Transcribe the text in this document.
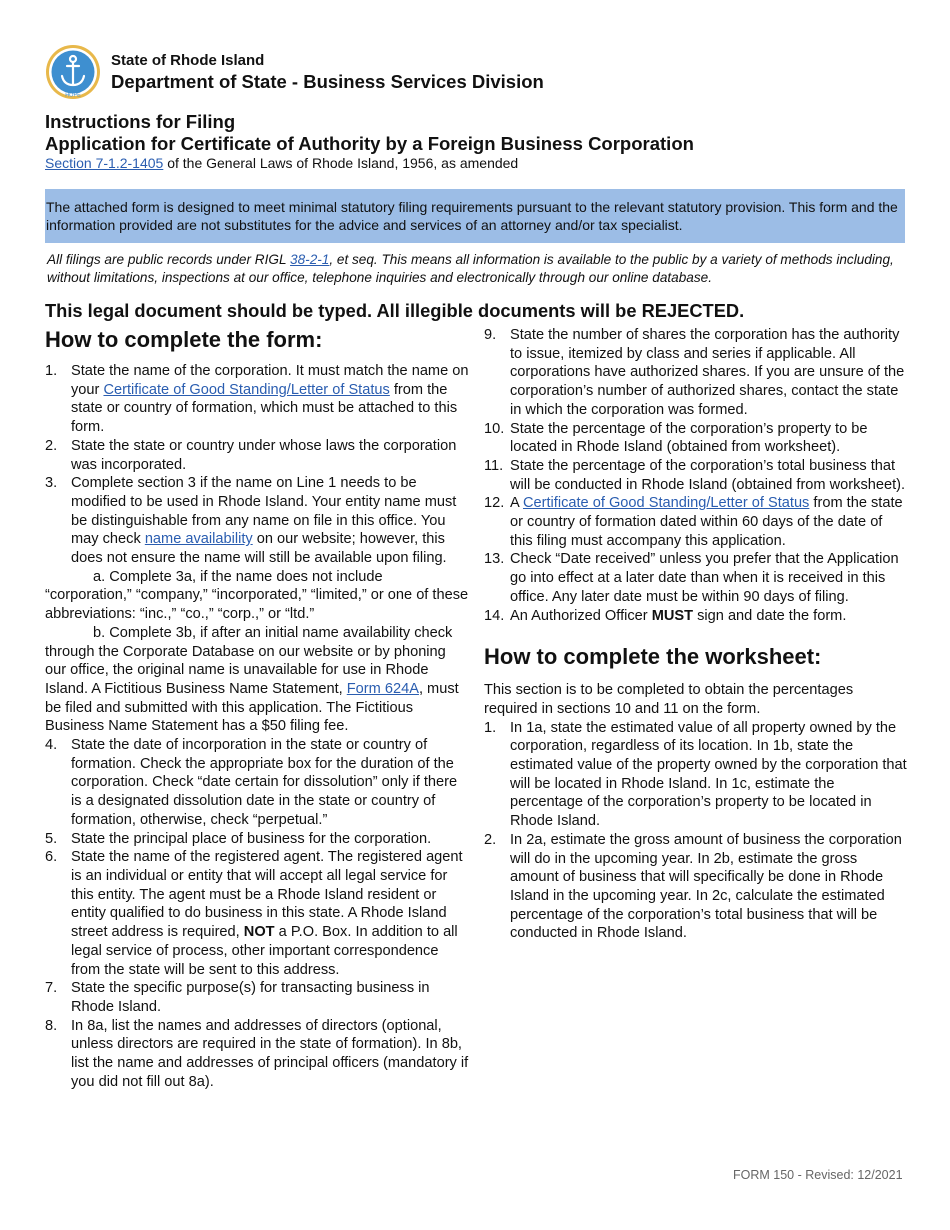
HOPE
State of Rhode Island
Department of State - Business Services Division
Instructions for Filing
Application for Certificate of Authority by a Foreign Business Corporation
Section 7-1.2-1405 of the General Laws of Rhode Island, 1956, as amended
The attached form is designed to meet minimal statutory filing requirements pursuant to the relevant statutory provision. This form and the information provided are not substitutes for the advice and services of an attorney and/or tax specialist.
All filings are public records under RIGL 38-2-1, et seq. This means all information is available to the public by a variety of methods including, without limitations, inspections at our office, telephone inquiries and electronically through our online database.
This legal document should be typed. All illegible documents will be REJECTED.
How to complete the form:
1. State the name of the corporation. It must match the name on your Certificate of Good Standing/Letter of Status from the state or country of formation, which must be attached to this form.
2. State the state or country under whose laws the corporation was incorporated.
3. Complete section 3 if the name on Line 1 needs to be modified to be used in Rhode Island. Your entity name must be distinguishable from any name on file in this office. You may check name availability on our website; however, this does not ensure the name will still be available upon filing.
a. Complete 3a, if the name does not include “corporation,” “company,” “incorporated,” “limited,” or one of these abbreviations: “inc.,” “co.,” “corp.,” or “ltd.”
b. Complete 3b, if after an initial name availability check through the Corporate Database on our website or by phoning our office, the original name is unavailable for use in Rhode Island. A Fictitious Business Name Statement, Form 624A, must be filed and submitted with this application. The Fictitious Business Name Statement has a $50 filing fee.
4. State the date of incorporation in the state or country of formation. Check the appropriate box for the duration of the corporation. Check “date certain for dissolution” only if there is a designated dissolution date in the state or country of formation, otherwise, check “perpetual.”
5. State the principal place of business for the corporation.
6. State the name of the registered agent. The registered agent is an individual or entity that will accept all legal service for this entity. The agent must be a Rhode Island resident or entity qualified to do business in this state. A Rhode Island street address is required, NOT a P.O. Box. In addition to all legal service of process, other important correspondence from the state will be sent to this address.
7. State the specific purpose(s) for transacting business in Rhode Island.
8. In 8a, list the names and addresses of directors (optional, unless directors are required in the state of formation). In 8b, list the name and addresses of principal officers (mandatory if you did not fill out 8a).
9. State the number of shares the corporation has the authority to issue, itemized by class and series if applicable. All corporations have authorized shares. If you are unsure of the corporation’s number of authorized shares, contact the state in which the corporation was formed.
10. State the percentage of the corporation’s property to be located in Rhode Island (obtained from worksheet).
11. State the percentage of the corporation’s total business that will be conducted in Rhode Island (obtained from worksheet).
12. A Certificate of Good Standing/Letter of Status from the state or country of formation dated within 60 days of the date of this filing must accompany this application.
13. Check “Date received” unless you prefer that the Application go into effect at a later date than when it is received in this office. Any later date must be within 90 days of filing.
14. An Authorized Officer MUST sign and date the form.
How to complete the worksheet:

This section is to be completed to obtain the percentages required in sections 10 and 11 on the form.

1. In 1a, state the estimated value of all property owned by the corporation, regardless of its location. In 1b, state the estimated value of the property owned by the corporation that will be located in Rhode Island. In 1c, estimate the percentage of the corporation’s property to be located in Rhode Island.
2. In 2a, estimate the gross amount of business the corporation will do in the upcoming year. In 2b, estimate the gross amount of business that will specifically be done in Rhode Island in the upcoming year. In 2c, calculate the estimated percentage of the corporation’s total business that will be conducted in Rhode Island.
FORM 150 - Revised: 12/2021
